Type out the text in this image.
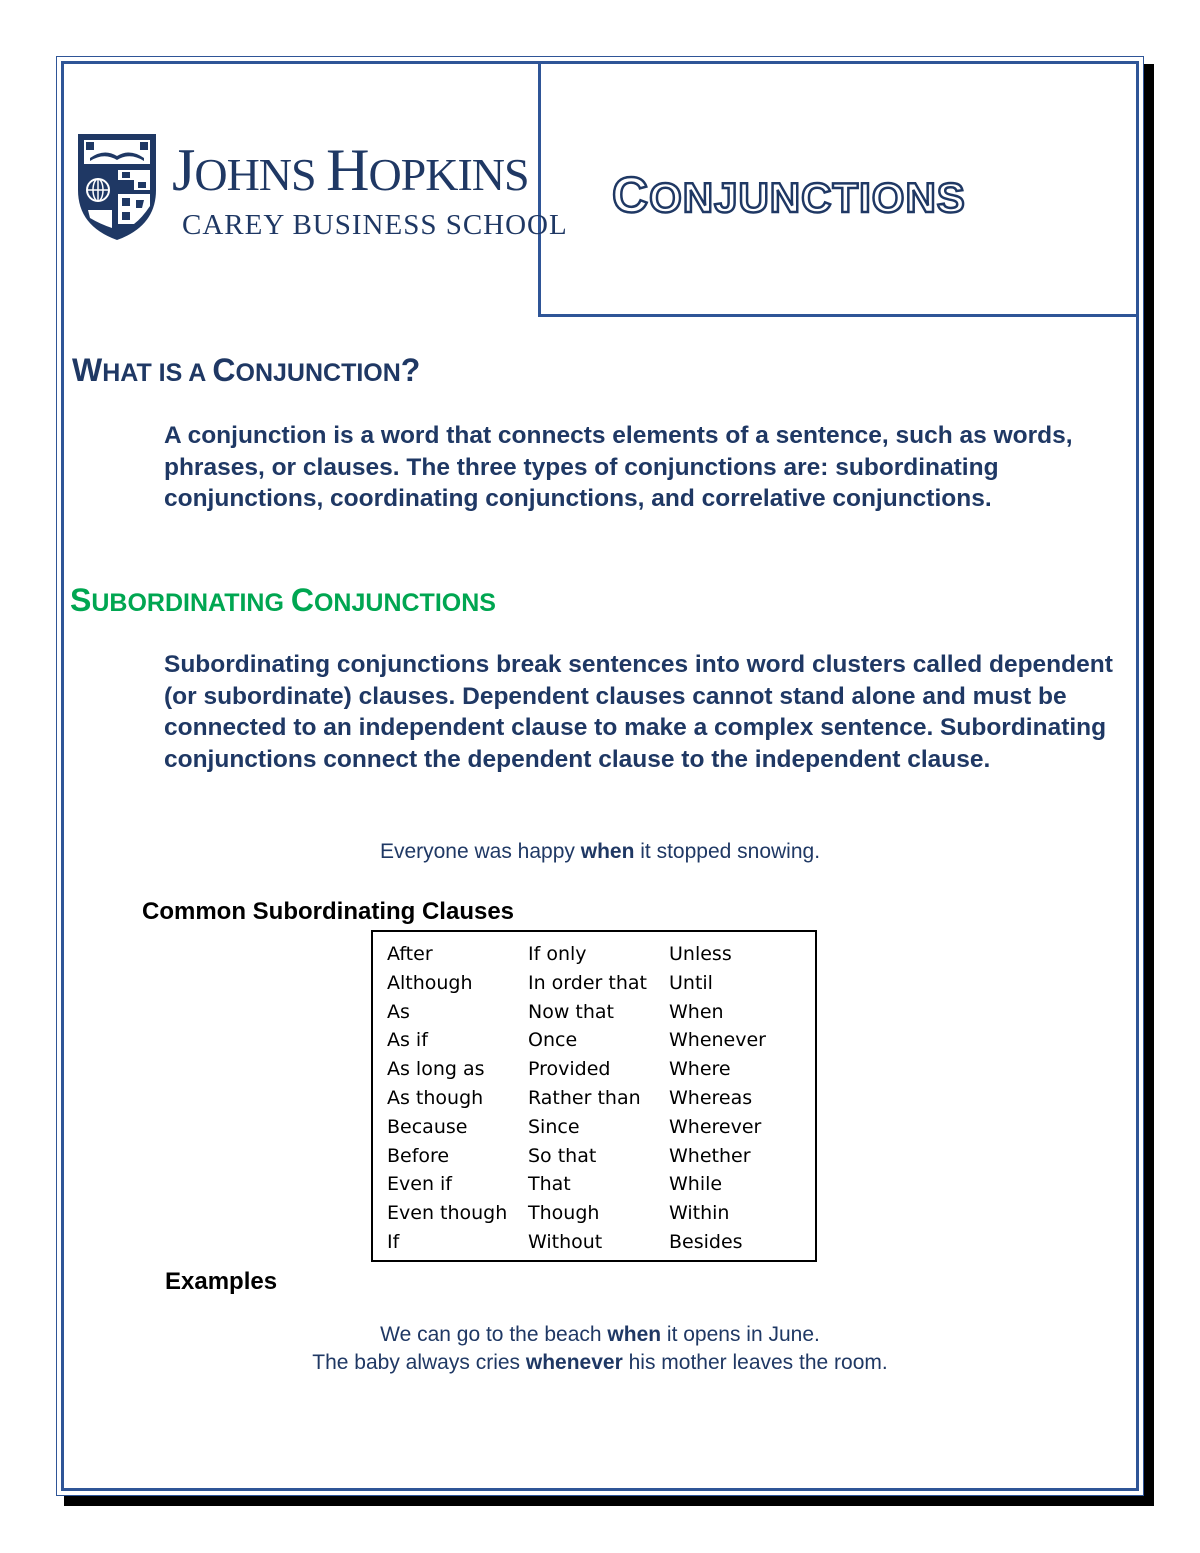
JOHNS HOPKINS
CAREY BUSINESS SCHOOL
CONJUNCTIONS
WHAT IS A CONJUNCTION?
A conjunction is a word that connects elements of a sentence, such as words, phrases, or clauses. The three types of conjunctions are: subordinating conjunctions, coordinating conjunctions, and correlative conjunctions.
SUBORDINATING CONJUNCTIONS
Subordinating conjunctions break sentences into word clusters called dependent (or subordinate) clauses. Dependent clauses cannot stand alone and must be connected to an independent clause to make a complex sentence. Subordinating conjunctions connect the dependent clause to the independent clause.
Everyone was happy when it stopped snowing.
Common Subordinating Clauses
After
Although
As
As if
As long as
As though
Because
Before
Even if
Even though
If
If only
In order that
Now that
Once
Provided
Rather than
Since
So that
That
Though
Without
Unless
Until
When
Whenever
Where
Whereas
Wherever
Whether
While
Within
Besides
Examples
We can go to the beach when it opens in June.
The baby always cries whenever his mother leaves the room.
